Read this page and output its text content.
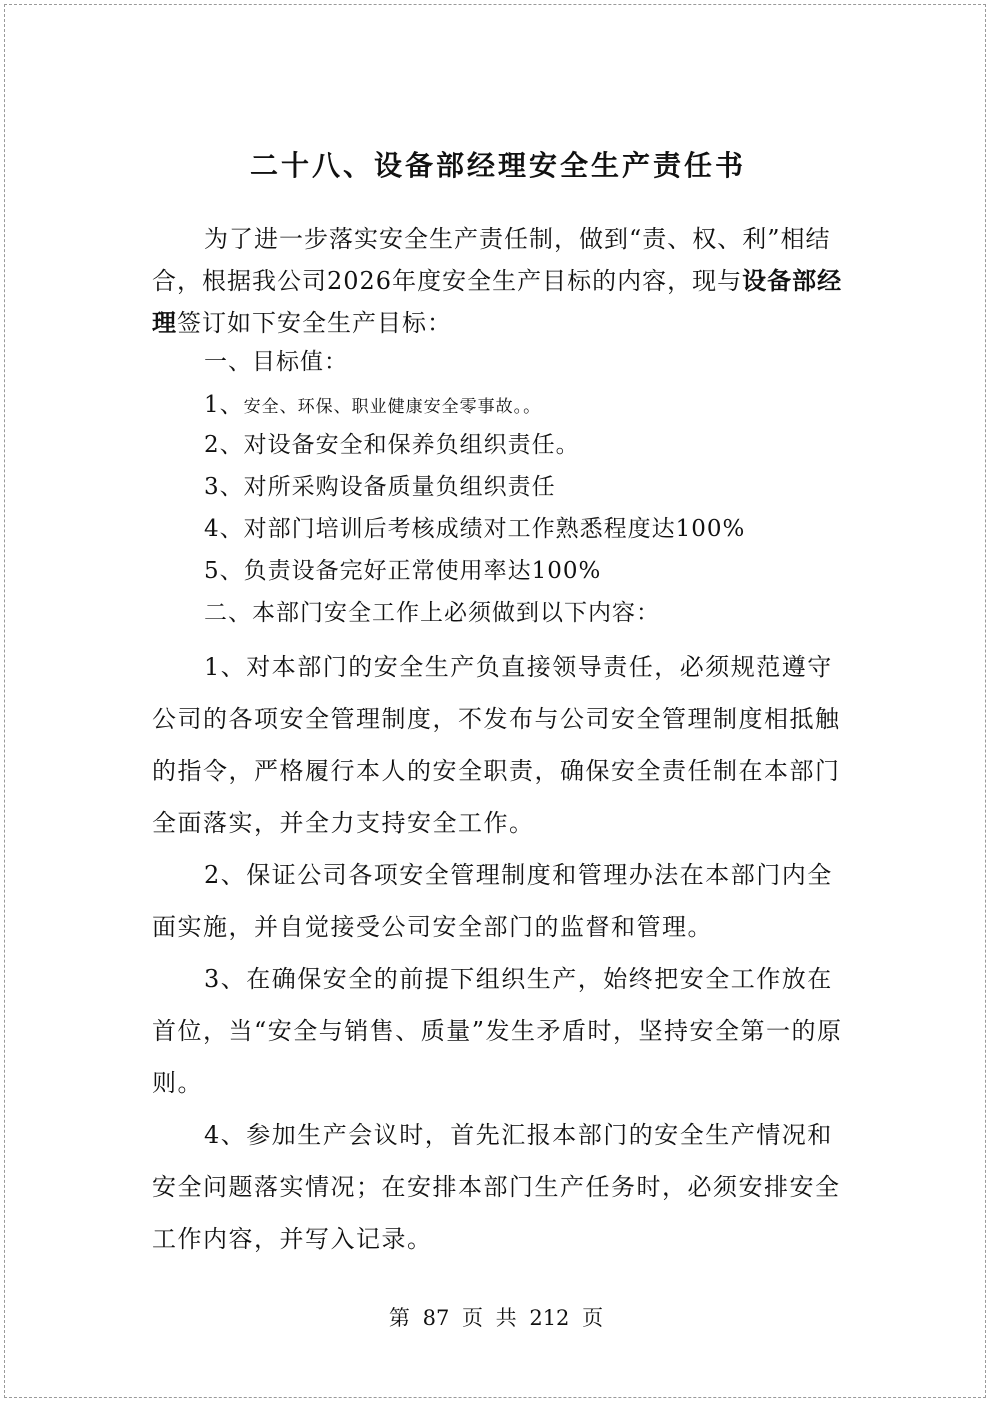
二十八、设备部经理安全生产责任书

为了进一步落实安全生产责任制，做到“责、权、利”相结合，根据我公司2026年度安全生产目标的内容，现与设备部经理签订如下安全生产目标：

一、目标值：
1、安全、环保、职业健康安全零事故。。
2、对设备安全和保养负组织责任。
3、对所采购设备质量负组织责任
4、对部门培训后考核成绩对工作熟悉程度达100%
5、负责设备完好正常使用率达100%
二、本部门安全工作上必须做到以下内容：

1、对本部门的安全生产负直接领导责任，必须规范遵守公司的各项安全管理制度，不发布与公司安全管理制度相抵触的指令，严格履行本人的安全职责，确保安全责任制在本部门全面落实，并全力支持安全工作。

2、保证公司各项安全管理制度和管理办法在本部门内全面实施，并自觉接受公司安全部门的监督和管理。

3、在确保安全的前提下组织生产，始终把安全工作放在首位，当“安全与销售、质量”发生矛盾时，坚持安全第一的原则。

4、参加生产会议时，首先汇报本部门的安全生产情况和安全问题落实情况；在安排本部门生产任务时，必须安排安全工作内容，并写入记录。

第 87 页 共 212 页
